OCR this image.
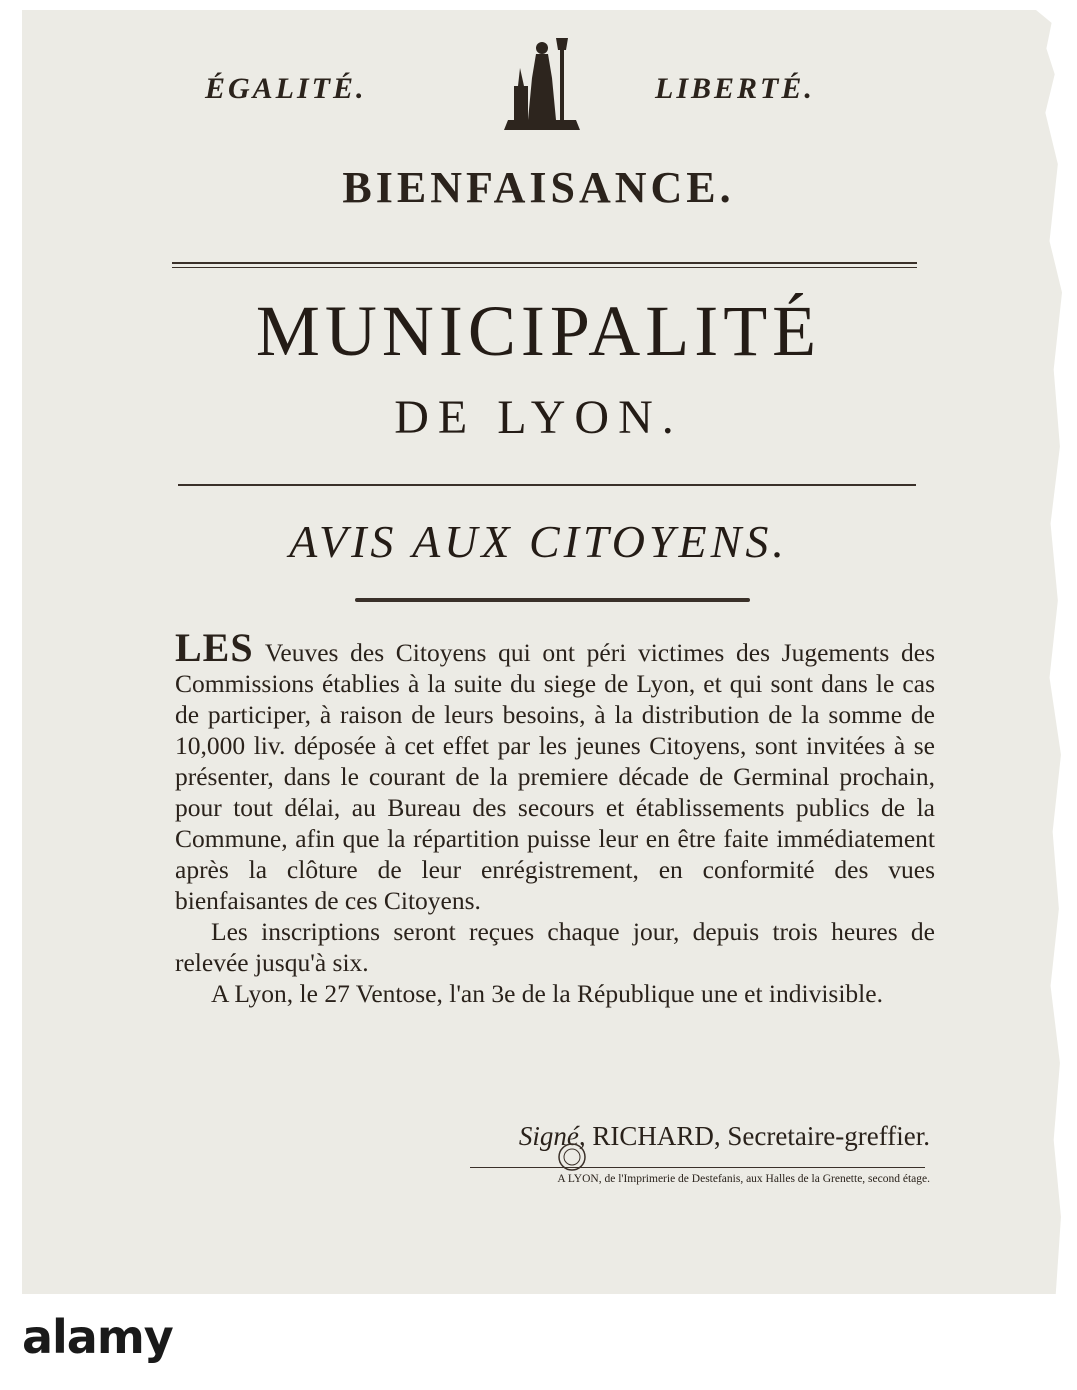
ÉGALITÉ.	LIBERTÉ.
BIENFAISANCE.
MUNICIPALITÉ
DE LYON.
AVIS AUX CITOYENS.

LES Veuves des Citoyens qui ont péri victimes des Jugements des Commissions établies à la suite du siege de Lyon, et qui sont dans le cas de participer, à raison de leurs besoins, à la distribution de la somme de 10,000 liv. déposée à cet effet par les jeunes Citoyens, sont invitées à se présenter, dans le courant de la premiere décade de Germinal prochain, pour tout délai, au Bureau des secours et établissements publics de la Commune, afin que la répartition puisse leur en être faite immédiatement après la clôture de leur enrégistrement, en conformité des vues bienfaisantes de ces Citoyens.

Les inscriptions seront reçues chaque jour, depuis trois heures de relevée jusqu'à six.

A Lyon, le 27 Ventose, l'an 3e de la République une et indivisible.

Signé, RICHARD, Secretaire-greffier.
A LYON, de l'Imprimerie de Destefanis, aux Halles de la Grenette, second étage.
alamy
